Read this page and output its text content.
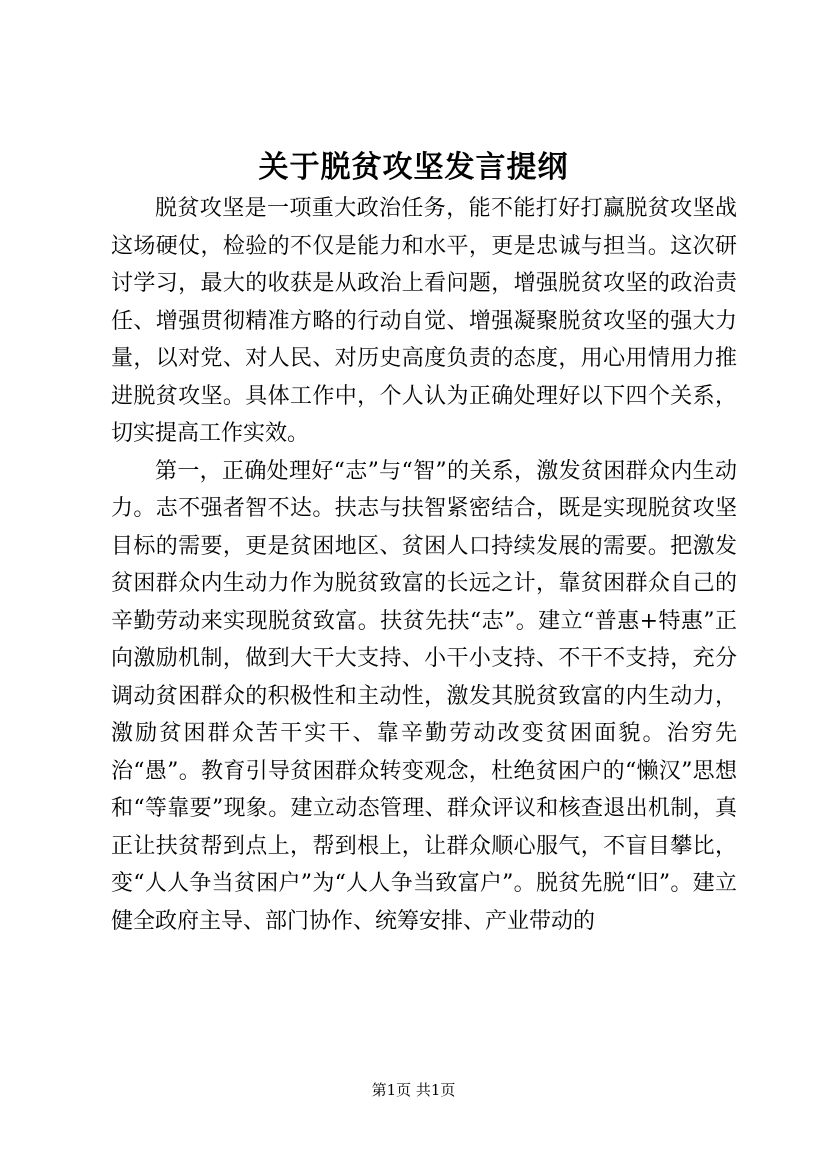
关于脱贫攻坚发言提纲

脱贫攻坚是一项重大政治任务，能不能打好打赢脱贫攻坚战这场硬仗，检验的不仅是能力和水平，更是忠诚与担当。这次研讨学习，最大的收获是从政治上看问题，增强脱贫攻坚的政治责任、增强贯彻精准方略的行动自觉、增强凝聚脱贫攻坚的强大力量，以对党、对人民、对历史高度负责的态度，用心用情用力推进脱贫攻坚。具体工作中，个人认为正确处理好以下四个关系，切实提高工作实效。

第一，正确处理好“志”与“智”的关系，激发贫困群众内生动力。志不强者智不达。扶志与扶智紧密结合，既是实现脱贫攻坚目标的需要，更是贫困地区、贫困人口持续发展的需要。把激发贫困群众内生动力作为脱贫致富的长远之计，靠贫困群众自己的辛勤劳动来实现脱贫致富。扶贫先扶“志”。建立“普惠+特惠”正向激励机制，做到大干大支持、小干小支持、不干不支持，充分调动贫困群众的积极性和主动性，激发其脱贫致富的内生动力，激励贫困群众苦干实干、靠辛勤劳动改变贫困面貌。治穷先治“愚”。教育引导贫困群众转变观念，杜绝贫困户的“懒汉”思想和“等靠要”现象。建立动态管理、群众评议和核查退出机制，真正让扶贫帮到点上，帮到根上，让群众顺心服气，不盲目攀比，变“人人争当贫困户”为“人人争当致富户”。脱贫先脱“旧”。建立健全政府主导、部门协作、统筹安排、产业带动的

第1页 共1页
